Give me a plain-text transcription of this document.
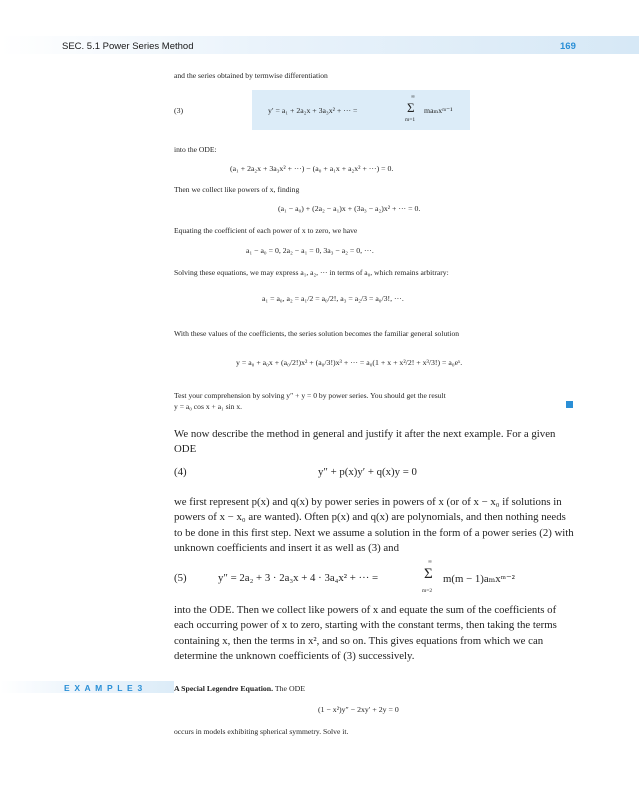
SEC. 5.1 Power Series Method	169
and the series obtained by termwise differentiation
(3)	y′ = a₁ + 2a₂x + 3a₃x² + ··· =
∞
Σ
m=1
maₘxᵐ⁻¹
into the ODE:
(a₁ + 2a₂x + 3a₃x² + ···) − (a₀ + a₁x + a₂x² + ···) = 0.
Then we collect like powers of x, finding
(a₁ − a₀) + (2a₂ − a₁)x + (3a₃ − a₂)x² + ··· = 0.
Equating the coefficient of each power of x to zero, we have
a₁ − a₀ = 0, 2a₂ − a₁ = 0, 3a₃ − a₂ = 0, ···.
Solving these equations, we may express a₁, a₂, ··· in terms of a₀, which remains arbitrary:
a₁ = a₀, a₂ = a₁/2 = a₀/2!, a₃ = a₂/3 = a₀/3!, ···.
With these values of the coefficients, the series solution becomes the familiar general solution
y = a₀ + a₀x + (a₀/2!)x² + (a₀/3!)x³ + ··· = a₀(1 + x + x²/2! + x³/3!) = a₀eˣ.
Test your comprehension by solving y″ + y = 0 by power series. You should get the result
y = a₀ cos x + a₁ sin x.
We now describe the method in general and justify it after the next example. For a given ODE
(4)	y″ + p(x)y′ + q(x)y = 0
we first represent p(x) and q(x) by power series in powers of x (or of x − x₀ if solutions in powers of x − x₀ are wanted). Often p(x) and q(x) are polynomials, and then nothing needs to be done in this first step. Next we assume a solution in the form of a power series (2) with unknown coefficients and insert it as well as (3) and
(5)	y″ = 2a₂ + 3 · 2a₃x + 4 · 3a₄x² + ··· =
∞
Σ
m=2
m(m − 1)aₘxᵐ⁻²
into the ODE. Then we collect like powers of x and equate the sum of the coefficients of each occurring power of x to zero, starting with the constant terms, then taking the terms containing x, then the terms in x², and so on. This gives equations from which we can determine the unknown coefficients of (3) successively.
E X A M P L E 3	A Special Legendre Equation. The ODE
(1 − x²)y″ − 2xy′ + 2y = 0
occurs in models exhibiting spherical symmetry. Solve it.
